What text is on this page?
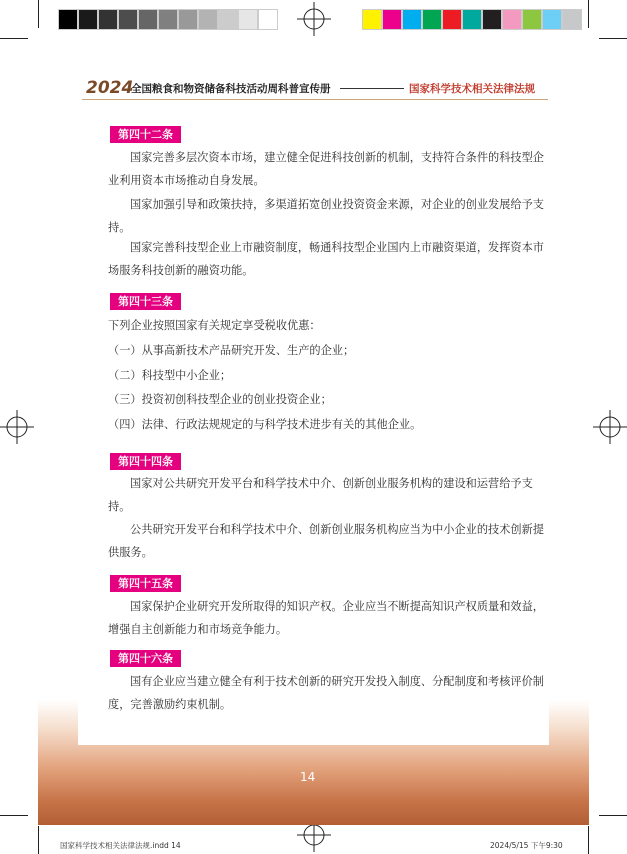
2024
全国粮食和物资储备科技活动周科普宣传册	国家科学技术相关法律法规
14
第四十二条
国家完善多层次资本市场，建立健全促进科技创新的机制，支持符合条件的科技型企业利用资本市场推动自身发展。
国家加强引导和政策扶持，多渠道拓宽创业投资资金来源，对企业的创业发展给予支持。
国家完善科技型企业上市融资制度，畅通科技型企业国内上市融资渠道，发挥资本市场服务科技创新的融资功能。
第四十三条
下列企业按照国家有关规定享受税收优惠：
（一）从事高新技术产品研究开发、生产的企业；
（二）科技型中小企业；
（三）投资初创科技型企业的创业投资企业；
（四）法律、行政法规规定的与科学技术进步有关的其他企业。
第四十四条
国家对公共研究开发平台和科学技术中介、创新创业服务机构的建设和运营给予支持。
公共研究开发平台和科学技术中介、创新创业服务机构应当为中小企业的技术创新提供服务。
第四十五条
国家保护企业研究开发所取得的知识产权。企业应当不断提高知识产权质量和效益，增强自主创新能力和市场竞争能力。
第四十六条
国有企业应当建立健全有利于技术创新的研究开发投入制度、分配制度和考核评价制度，完善激励约束机制。
国家科学技术相关法律法规.indd 14	2024/5/15 下午9:30
